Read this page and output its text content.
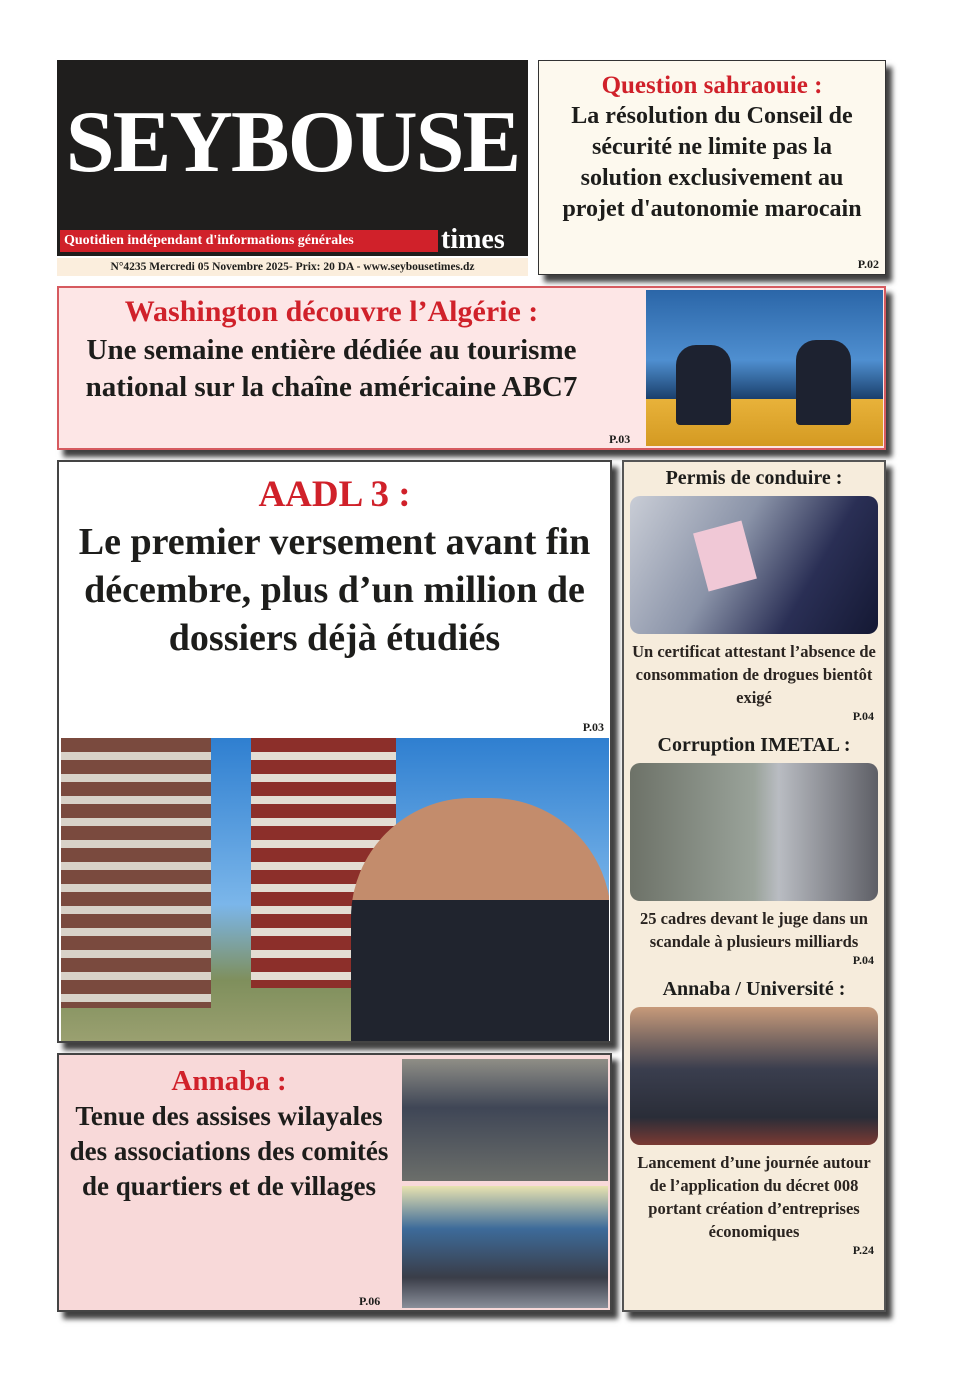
SEYBOUSE
Quotidien indépendant d'informations générales	times
N°4235 Mercredi 05 Novembre 2025- Prix: 20 DA - www.seybousetimes.dz
Question sahraouie :
La résolution du Conseil de sécurité ne limite pas la solution exclusivement au projet d'autonomie marocain
P.02
Washington découvre l’Algérie :
Une semaine entière dédiée au tourisme national sur la chaîne américaine ABC7
P.03
AADL 3 :
Le premier versement avant fin décembre, plus d’un million de dossiers déjà étudiés
P.03
Permis de conduire :
Un certificat attestant l’absence de consommation de drogues bientôt exigé
P.04
Corruption IMETAL :
25 cadres devant le juge dans un scandale à plusieurs milliards
P.04
Annaba / Université :
Lancement d’une journée autour de l’application du décret 008 portant création d’entreprises économiques
P.24
Annaba :
Tenue des assises wilayales des associations des comités de quartiers et de villages
P.06
